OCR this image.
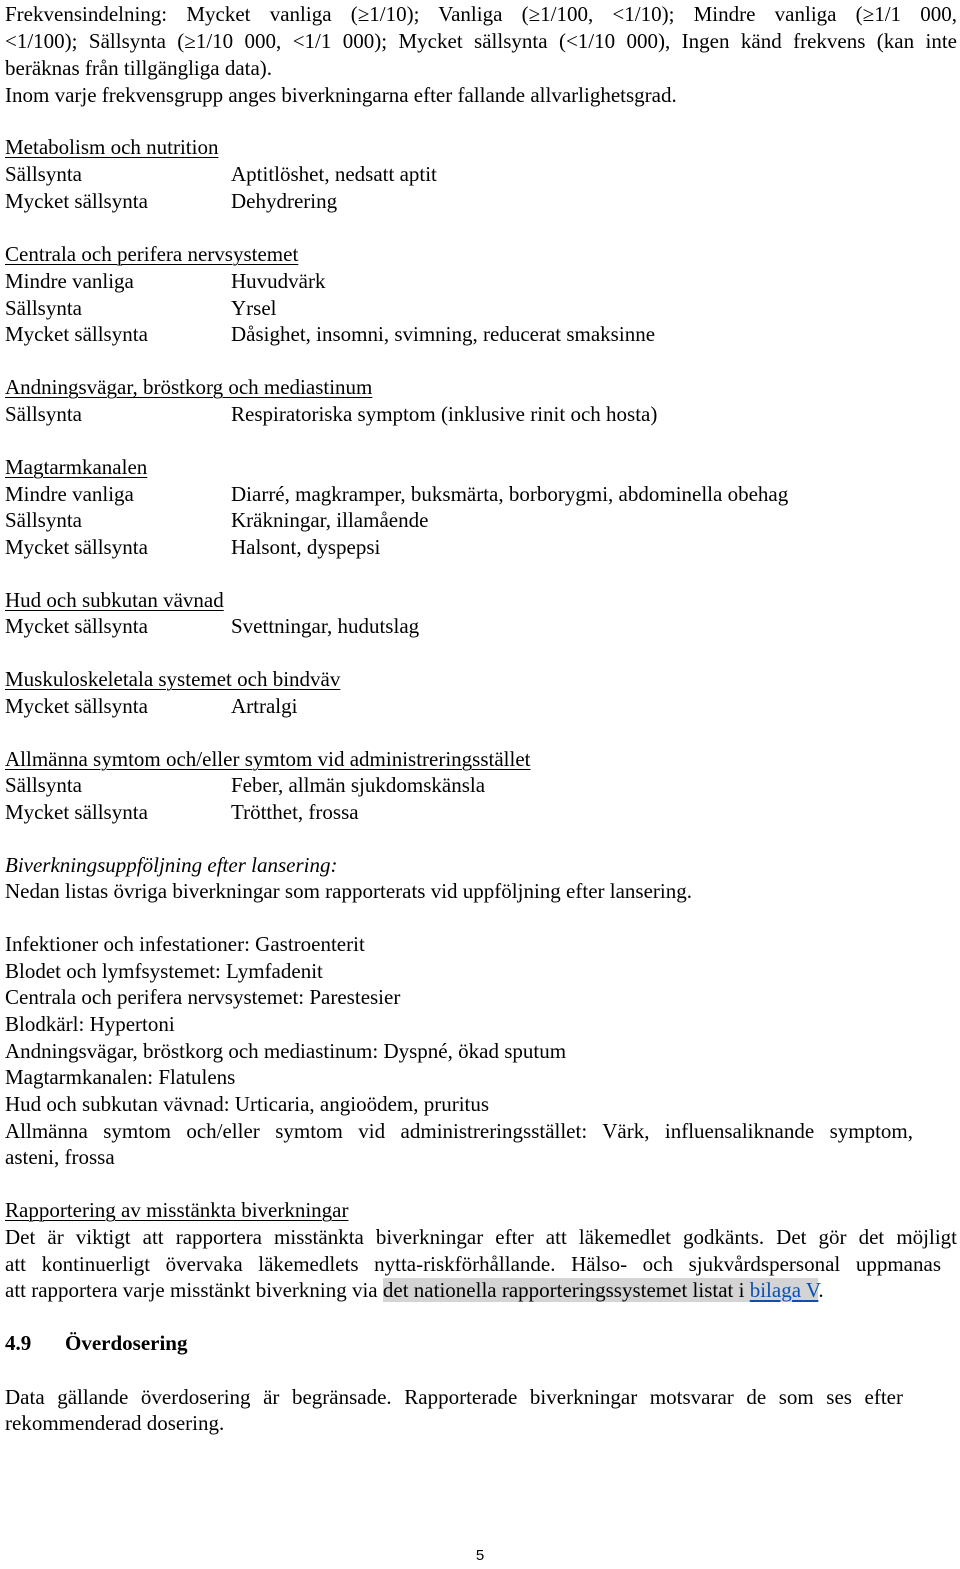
Frekvensindelning: Mycket vanliga (≥1/10); Vanliga (≥1/100, <1/10); Mindre vanliga (≥1/1 000,
<1/100); Sällsynta (≥1/10 000, <1/1 000); Mycket sällsynta (<1/10 000), Ingen känd frekvens (kan inte
beräknas från tillgängliga data).
Inom varje frekvensgrupp anges biverkningarna efter fallande allvarlighetsgrad.
Metabolism och nutrition
Sällsynta	Aptitlöshet, nedsatt aptit
Mycket sällsynta	Dehydrering
Centrala och perifera nervsystemet
Mindre vanliga	Huvudvärk
Sällsynta	Yrsel
Mycket sällsynta	Dåsighet, insomni, svimning, reducerat smaksinne
Andningsvägar, bröstkorg och mediastinum
Sällsynta	Respiratoriska symptom (inklusive rinit och hosta)
Magtarmkanalen
Mindre vanliga	Diarré, magkramper, buksmärta, borborygmi, abdominella obehag
Sällsynta	Kräkningar, illamående
Mycket sällsynta	Halsont, dyspepsi
Hud och subkutan vävnad
Mycket sällsynta	Svettningar, hudutslag
Muskuloskeletala systemet och bindväv
Mycket sällsynta	Artralgi
Allmänna symtom och/eller symtom vid administreringsstället
Sällsynta	Feber, allmän sjukdomskänsla
Mycket sällsynta	Trötthet, frossa
Biverkningsuppföljning efter lansering:
Nedan listas övriga biverkningar som rapporterats vid uppföljning efter lansering.
Infektioner och infestationer: Gastroenterit
Blodet och lymfsystemet: Lymfadenit
Centrala och perifera nervsystemet: Parestesier
Blodkärl: Hypertoni
Andningsvägar, bröstkorg och mediastinum: Dyspné, ökad sputum
Magtarmkanalen: Flatulens
Hud och subkutan vävnad: Urticaria, angioödem, pruritus
Allmänna symtom och/eller symtom vid administreringsstället: Värk, influensaliknande symptom,
asteni, frossa
Rapportering av misstänkta biverkningar
Det är viktigt att rapportera misstänkta biverkningar efter att läkemedlet godkänts. Det gör det möjligt
att kontinuerligt övervaka läkemedlets nytta-riskförhållande. Hälso- och sjukvårdspersonal uppmanas
att rapportera varje misstänkt biverkning via det nationella rapporteringssystemet listat i bilaga V.
4.9 Överdosering
Data gällande överdosering är begränsade. Rapporterade biverkningar motsvarar de som ses efter
rekommenderad dosering.
5
